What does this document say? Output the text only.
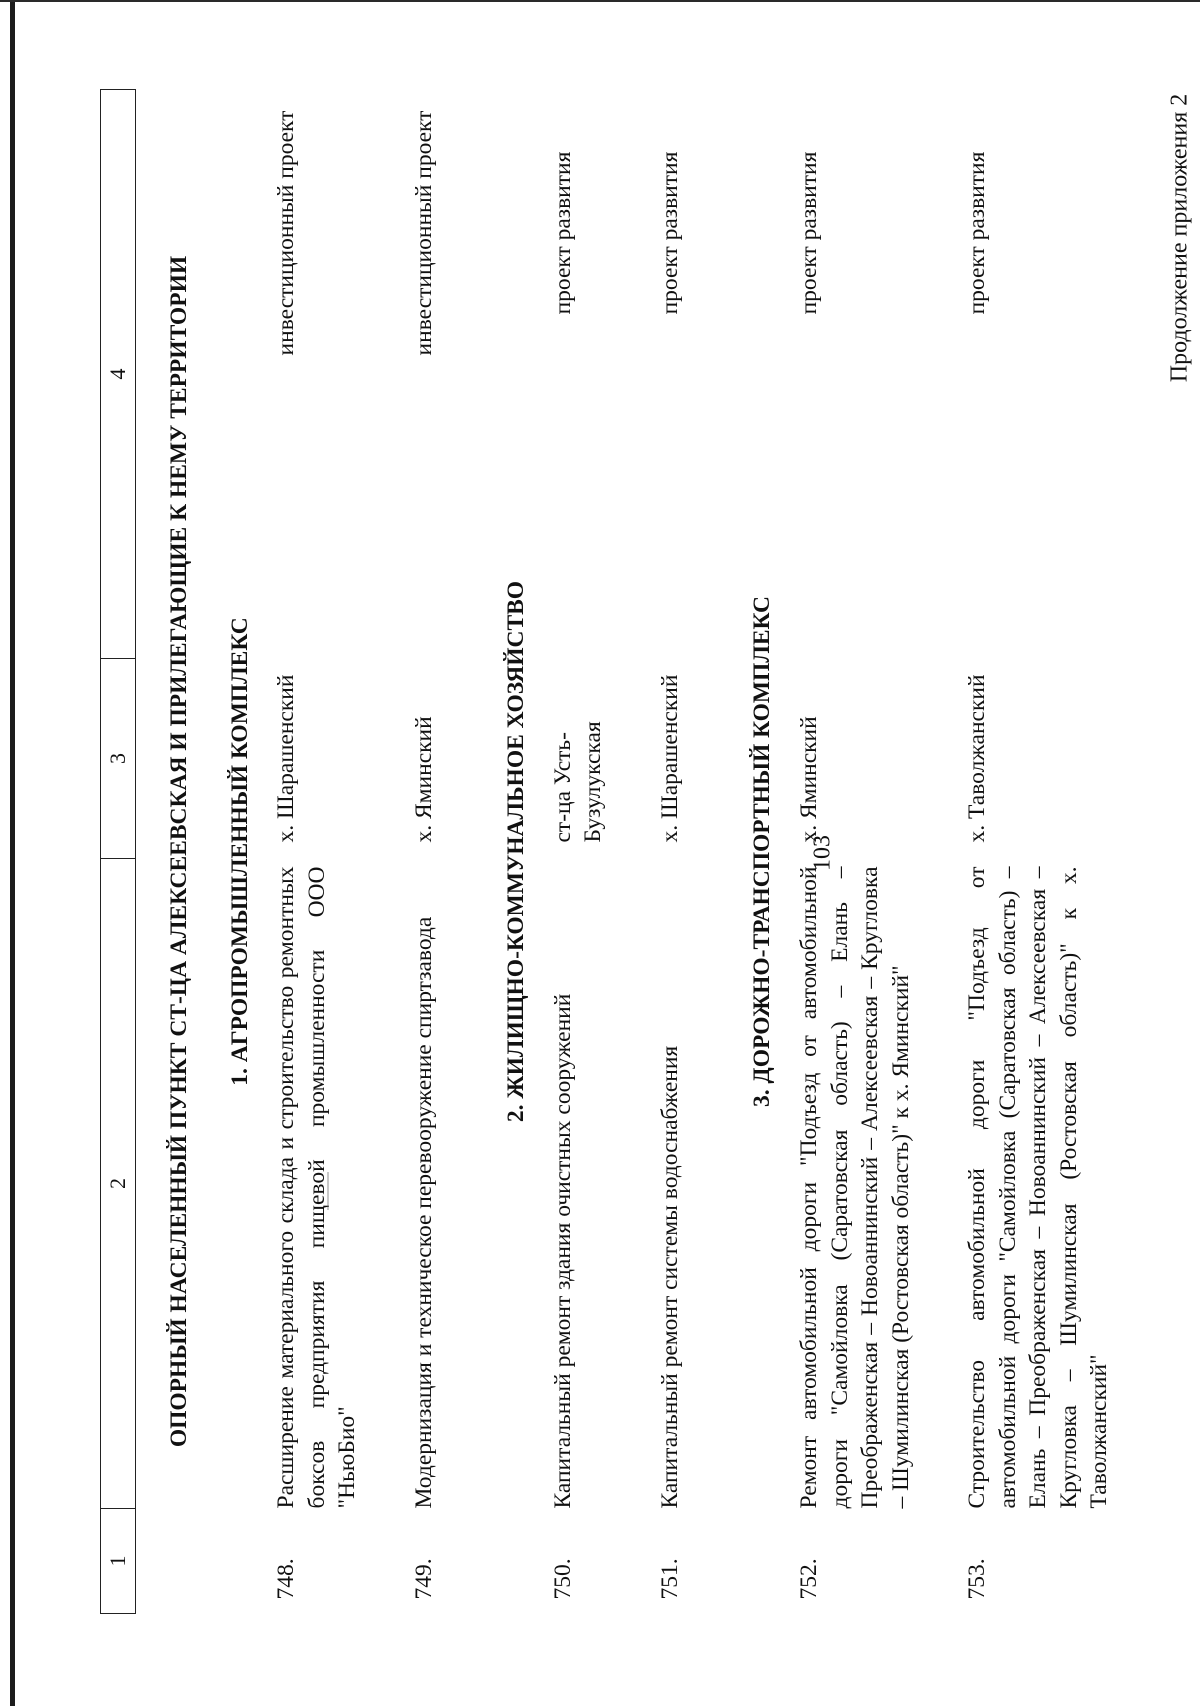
103
Продолжение приложения 2
1	2	3	4

ОПОРНЫЙ НАСЕЛЕННЫЙ ПУНКТ СТ-ЦА АЛЕКСЕЕВСКАЯ И ПРИЛЕГАЮЩИЕ К НЕМУ ТЕРРИТОРИИ			
1. АГРОПРОМЫШЛЕННЫЙ КОМПЛЕКС			
748.	Расширение материального склада и строительство ремонтных боксов предприятия пищевой промышленности ООО "НьюБио"	х. Шарашенский	инвестиционный проект
749.	Модернизация и техническое перевооружение спиртзавода	х. Яминский	инвестиционный проект
2. ЖИЛИЩНО-КОММУНАЛЬНОЕ ХОЗЯЙСТВО			
750.	Капитальный ремонт здания очистных сооружений	ст-ца Усть-Бузулукская	проект развития
751.	Капитальный ремонт системы водоснабжения	х. Шарашенский	проект развития
3. ДОРОЖНО-ТРАНСПОРТНЫЙ КОМПЛЕКС			
752.	Ремонт автомобильной дороги "Подъезд от автомобильной дороги "Самойловка (Саратовская область) – Елань – Преображенская – Новоаннинский – Алексеевская – Кругловка – Шумилинская (Ростовская область)" к х. Яминский"	х. Яминский	проект развития
753.	Строительство автомобильной дороги "Подъезд от автомобильной дороги "Самойловка (Саратовская область) – Елань – Преображенская – Новоаннинский – Алексеевская – Кругловка – Шумилинская (Ростовская область)" к х. Таволжанский"	х. Таволжанский	проект развития
